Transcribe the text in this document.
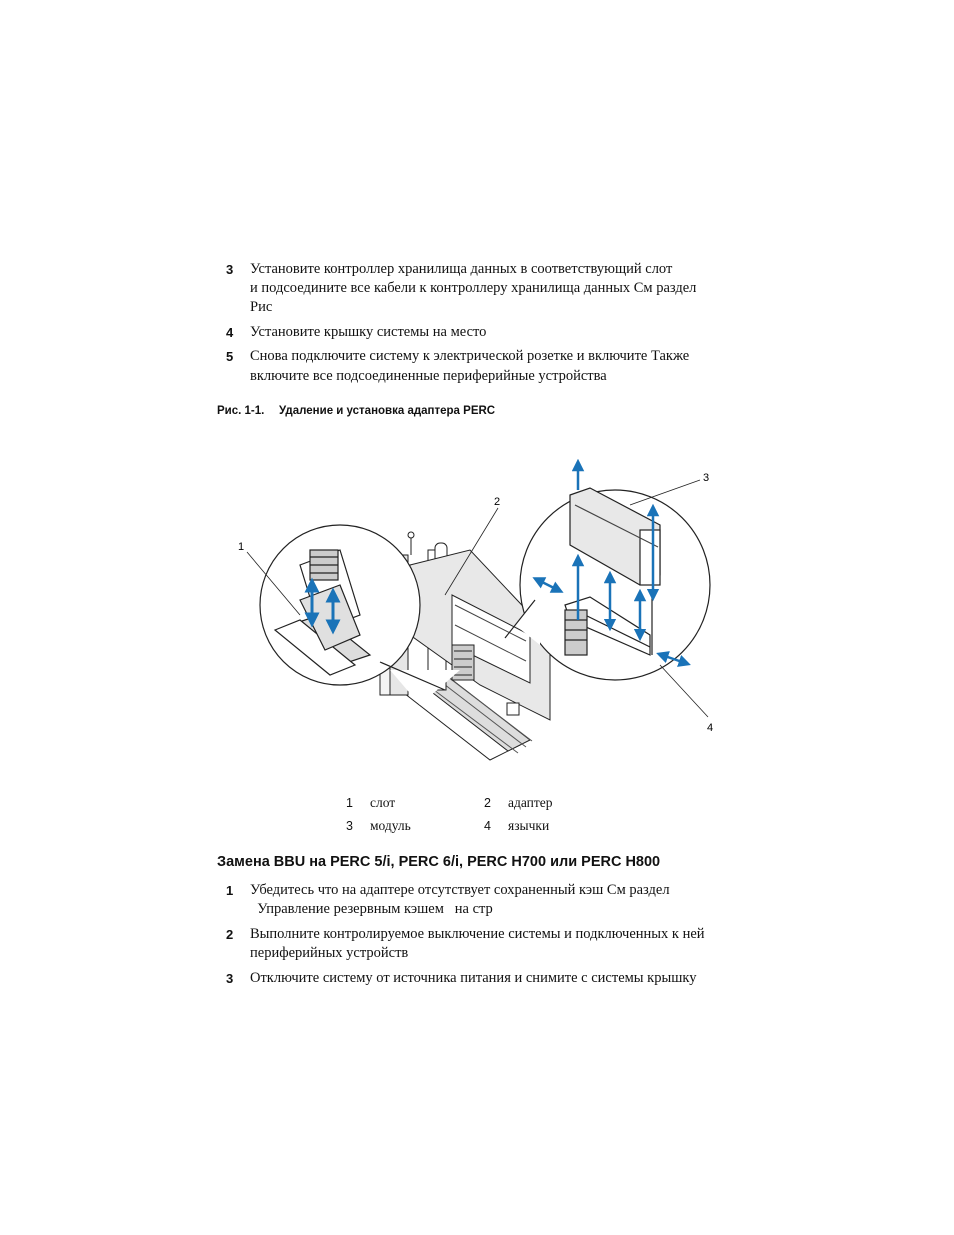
3 Установите контроллер хранилища данных в соответствующий слот
и подсоедините все кабели к контроллеру хранилища данных См раздел
Рис
4 Установите крышку системы на место
5 Снова подключите систему к электрической розетке и включите Также
включите все подсоединенные периферийные устройства
Рис. 1-1. Удаление и установка адаптера PERC
1
2
3
4
1 слот	2 адаптер
3 модуль	4 язычки
Замена BBU на PERC 5/i, PERC 6/i, PERC H700 или PERC H800
1 Убедитесь что на адаптере отсутствует сохраненный кэш См раздел
Управление резервным кэшем   на стр
2 Выполните контролируемое выключение системы и подключенных к ней
периферийных устройств
3 Отключите систему от источника питания и снимите с системы крышку
